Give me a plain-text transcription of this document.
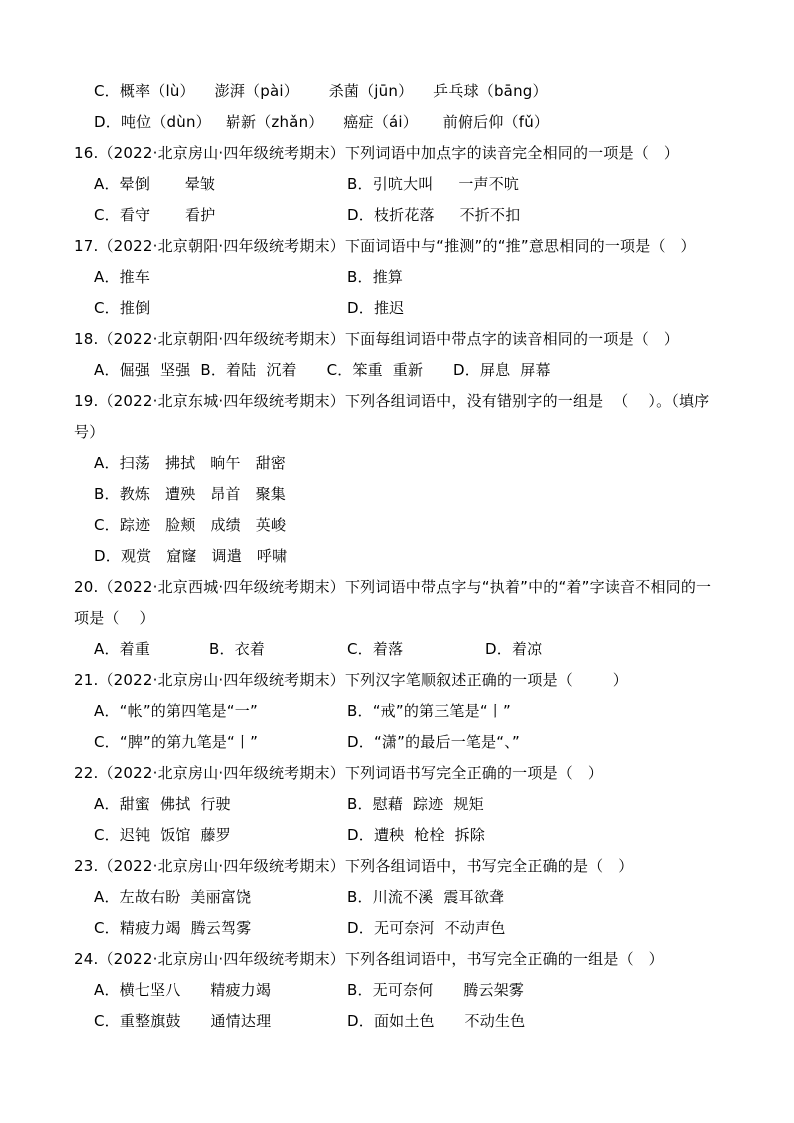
C．概率（lù）    澎湃（pài）      杀菌（jūn）    乒乓球（bāng）
D．吨位（dùn）   崭新（zhǎn）    癌症（ái）     前俯后仰（fǔ）
16.（2022·北京房山·四年级统考期末）下列词语中加点字的读音完全相同的一项是（   ）
A．晕倒       晕皱	B．引吭大叫     一声不吭
C．看守       看护	D．枝折花落     不折不扣
17.（2022·北京朝阳·四年级统考期末）下面词语中与“推测”的“推”意思相同的一项是（   ）
A．推车	B．推算
C．推倒	D．推迟
18.（2022·北京朝阳·四年级统考期末）下面每组词语中带点字的读音相同的一项是（   ）
A．倔强  坚强  B．着陆  沉着      C．笨重  重新      D．屏息  屏幕
19.（2022·北京东城·四年级统考期末）下列各组词语中，没有错别字的一组是  （    ）。（填序
号）
A．扫荡   拂拭   晌午   甜密
B．教炼   遭殃   昂首   聚集
C．踪迹   脸颊   成绩   英峻
D．观赏   窟窿   调遣   呼啸
20.（2022·北京西城·四年级统考期末）下列词语中带点字与“执着”中的“着”字读音不相同的一
项是（    ）
A．着重	B．衣着	C．着落	D．着凉
21.（2022·北京房山·四年级统考期末）下列汉字笔顺叙述正确的一项是（        ）
A．“帐”的第四笔是“一”	B．“戒”的第三笔是“丨”
C．“脾”的第九笔是“丨”	D．“潇”的最后一笔是“、”
22.（2022·北京房山·四年级统考期末）下列词语书写完全正确的一项是（   ）
A．甜蜜  佛拭  行驶	B．慰藉  踪迹  规矩
C．迟钝  饭馆  藤罗	D．遭秧  枪栓  拆除
23.（2022·北京房山·四年级统考期末）下列各组词语中，书写完全正确的是（   ）
A．左故右盼  美丽富饶	B．川流不溪  震耳欲聋
C．精疲力竭  腾云驾雾	D．无可奈河  不动声色
24.（2022·北京房山·四年级统考期末）下列各组词语中，书写完全正确的一组是（   ）
A．横七坚八      精疲力竭	B．无可奈何      腾云架雾
C．重整旗鼓      通情达理	D．面如土色      不动生色
